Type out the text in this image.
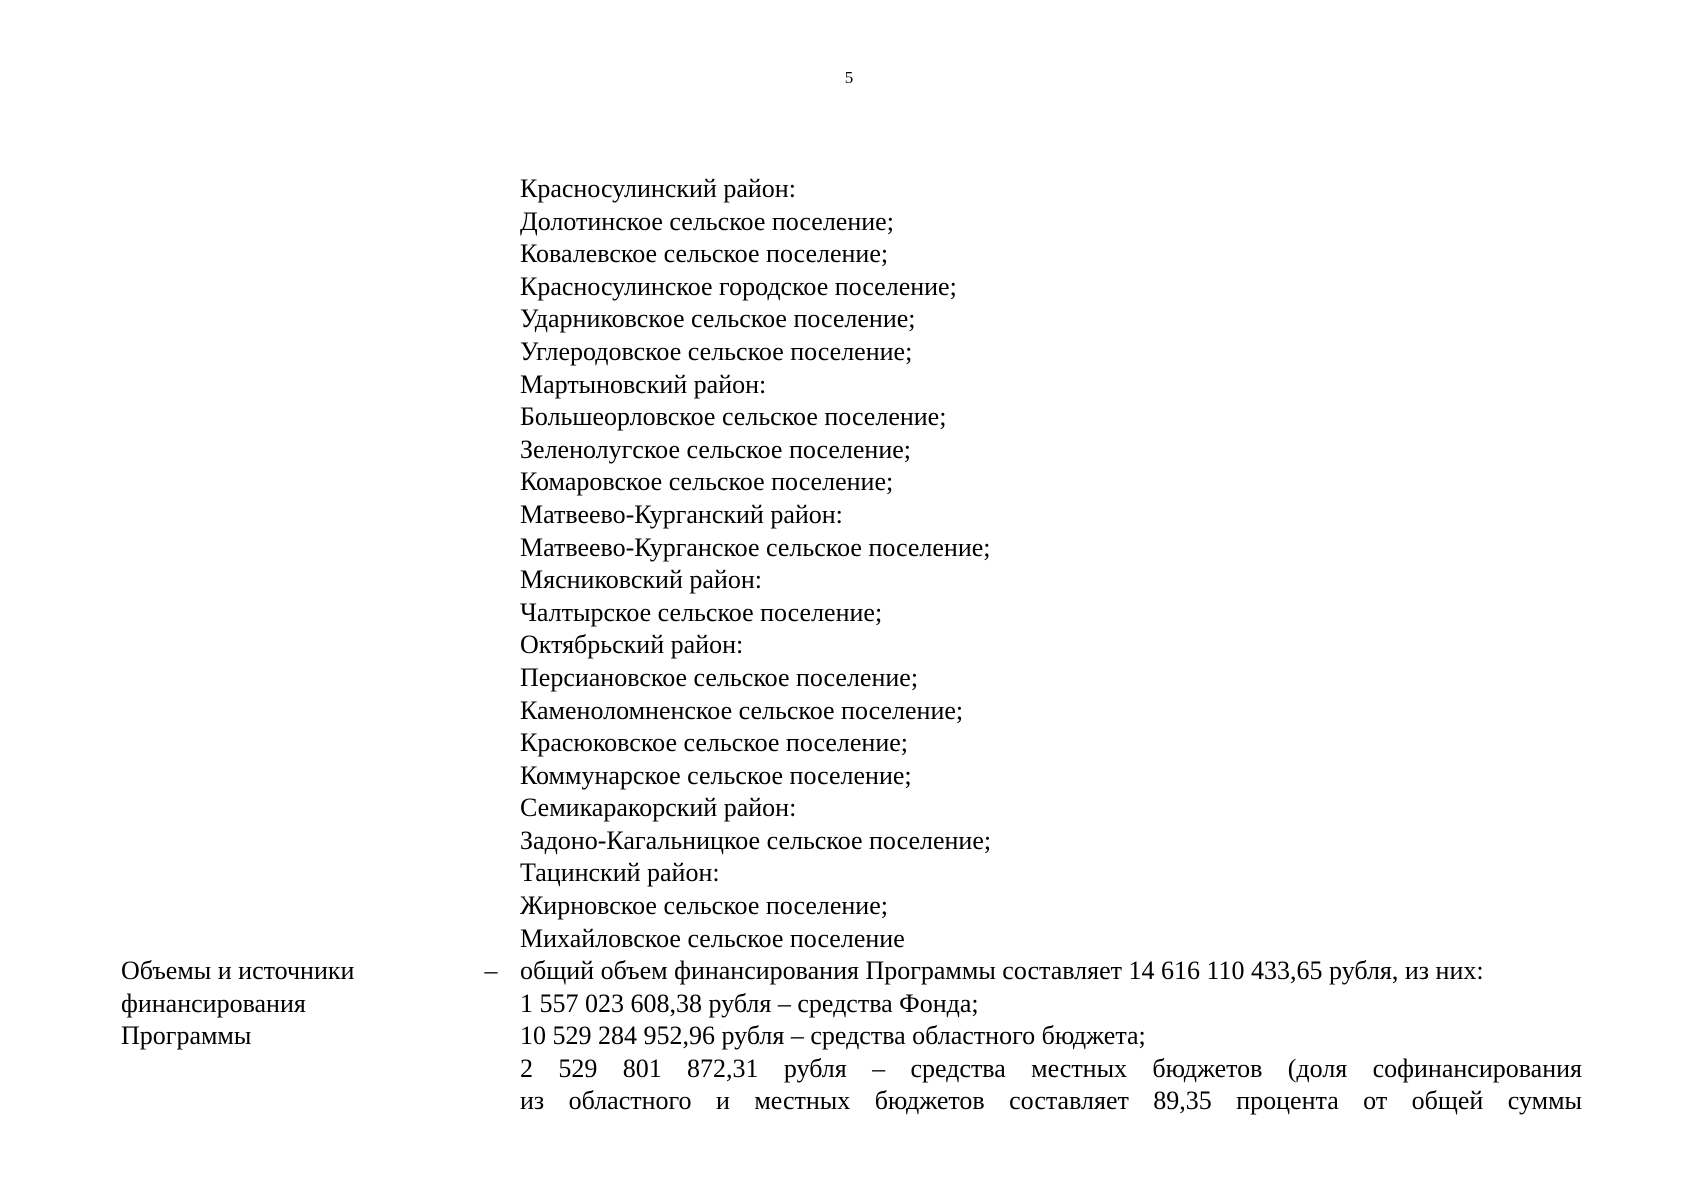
5
Красносулинский район:
Долотинское сельское поселение;
Ковалевское сельское поселение;
Красносулинское городское поселение;
Ударниковское сельское поселение;
Углеродовское сельское поселение;
Мартыновский район:
Большеорловское сельское поселение;
Зеленолугское сельское поселение;
Комаровское сельское поселение;
Матвеево-Курганский район:
Матвеево-Курганское сельское поселение;
Мясниковский район:
Чалтырское сельское поселение;
Октябрьский район:
Персиановское сельское поселение;
Каменоломненское сельское поселение;
Красюковское сельское поселение;
Коммунарское сельское поселение;
Семикаракорский район:
Задоно-Кагальницкое сельское поселение;
Тацинский район:
Жирновское сельское поселение;
Михайловское сельское поселение
Объемы и источники
финансирования
Программы
– общий объем финансирования Программы составляет 14 616 110 433,65 рубля, из них:
1 557 023 608,38 рубля – средства Фонда;
10 529 284 952,96 рубля – средства областного бюджета;
2 529 801 872,31 рубля – средства местных бюджетов (доля софинансирования
из областного и местных бюджетов составляет 89,35 процента от общей суммы
